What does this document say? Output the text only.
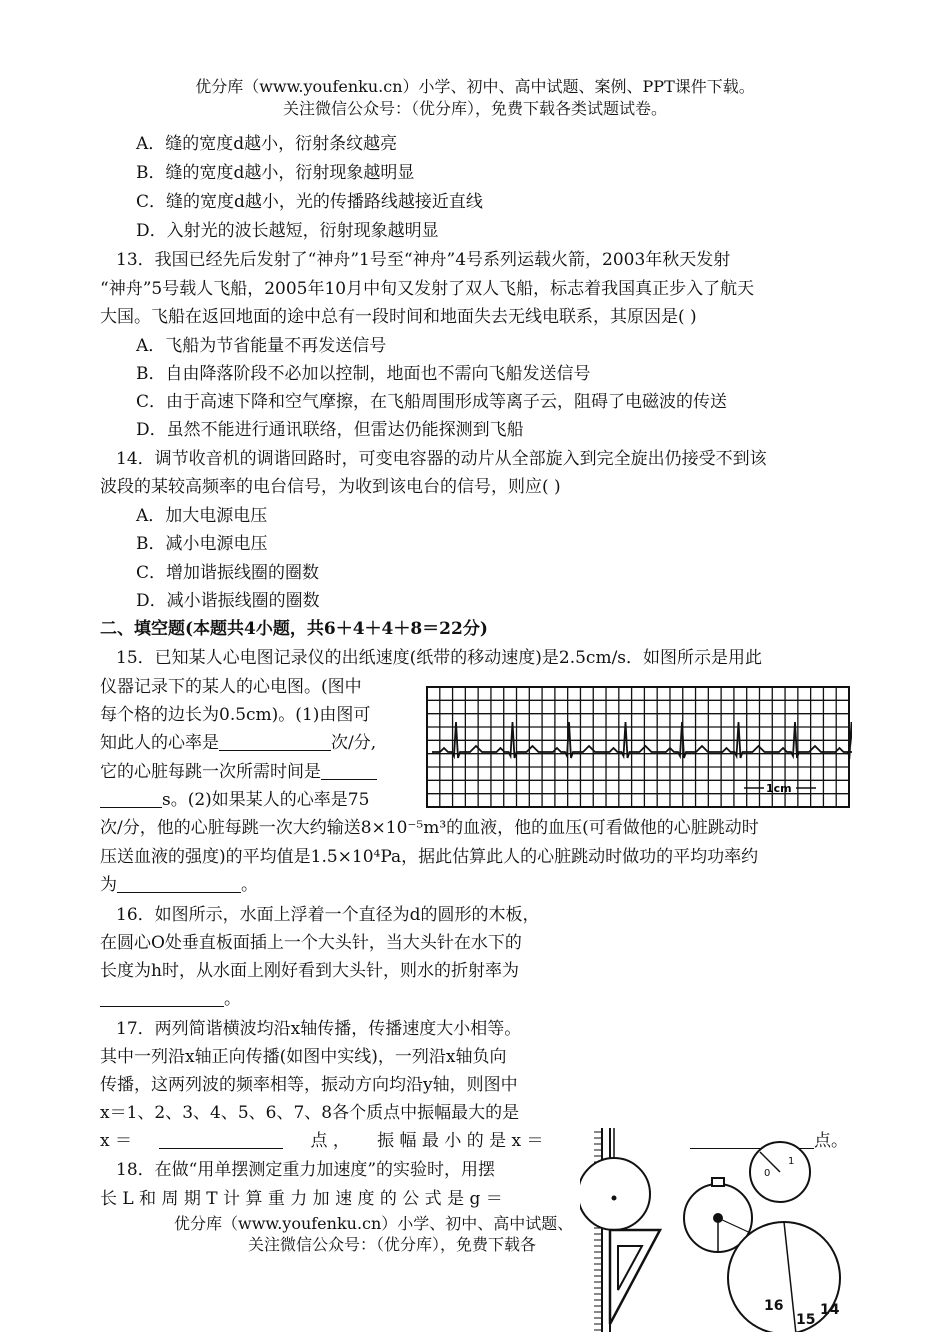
优分库（www.youfenku.cn）小学、初中、高中试题、案例、PPT课件下载。
关注微信公众号：（优分库），免费下载各类试题试卷。
A．缝的宽度d越小，衍射条纹越亮
B．缝的宽度d越小，衍射现象越明显
C．缝的宽度d越小，光的传播路线越接近直线
D．入射光的波长越短，衍射现象越明显
13．我国已经先后发射了“神舟”1号至“神舟”4号系列运载火箭，2003年秋天发射
“神舟”5号载人飞船，2005年10月中旬又发射了双人飞船，标志着我国真正步入了航天
大国。飞船在返回地面的途中总有一段时间和地面失去无线电联系，其原因是( )
A．飞船为节省能量不再发送信号
B．自由降落阶段不必加以控制，地面也不需向飞船发送信号
C．由于高速下降和空气摩擦，在飞船周围形成等离子云，阻碍了电磁波的传送
D．虽然不能进行通讯联络，但雷达仍能探测到飞船
14．调节收音机的调谐回路时，可变电容器的动片从全部旋入到完全旋出仍接受不到该
波段的某较高频率的电台信号，为收到该电台的信号，则应( )
A．加大电源电压
B．减小电源电压
C．增加谐振线圈的圈数
D．减小谐振线圈的圈数
二、填空题(本题共4小题，共6＋4＋4＋8＝22分)
15．已知某人心电图记录仪的出纸速度(纸带的移动速度)是2.5cm/s．如图所示是用此
仪器记录下的某人的心电图。(图中
每个格的边长为0.5cm)。(1)由图可
知此人的心率是	次/分,
它的心脏每跳一次所需时间是
s。(2)如果某人的心率是75
次/分，他的心脏每跳一次大约输送8×10⁻⁵m³的血液，他的血压(可看做他的心脏跳动时
压送血液的强度)的平均值是1.5×10⁴Pa，据此估算此人的心脏跳动时做功的平均功率约
为	。
1cm
16．如图所示，水面上浮着一个直径为d的圆形的木板，
在圆心O处垂直板面插上一个大头针，当大头针在水下的
长度为h时，从水面上刚好看到大头针，则水的折射率为
。
17．两列简谐横波均沿x轴传播，传播速度大小相等。
其中一列沿x轴正向传播(如图中实线)，一列沿x轴负向
传播，这两列波的频率相等，振动方向均沿y轴，则图中
x＝1、2、3、4、5、6、7、8各个质点中振幅最大的是
x ＝	点 ， 振 幅 最 小 的 是 x ＝	点。
18．在做“用单摆测定重力加速度”的实验时，用摆
长 L 和 周 期 T 计 算 重 力 加 速 度 的 公 式 是 g ＝
优分库（www.youfenku.cn）小学、初中、高中试题、
关注微信公众号：（优分库），免费下载各
0
1
16
15
14
